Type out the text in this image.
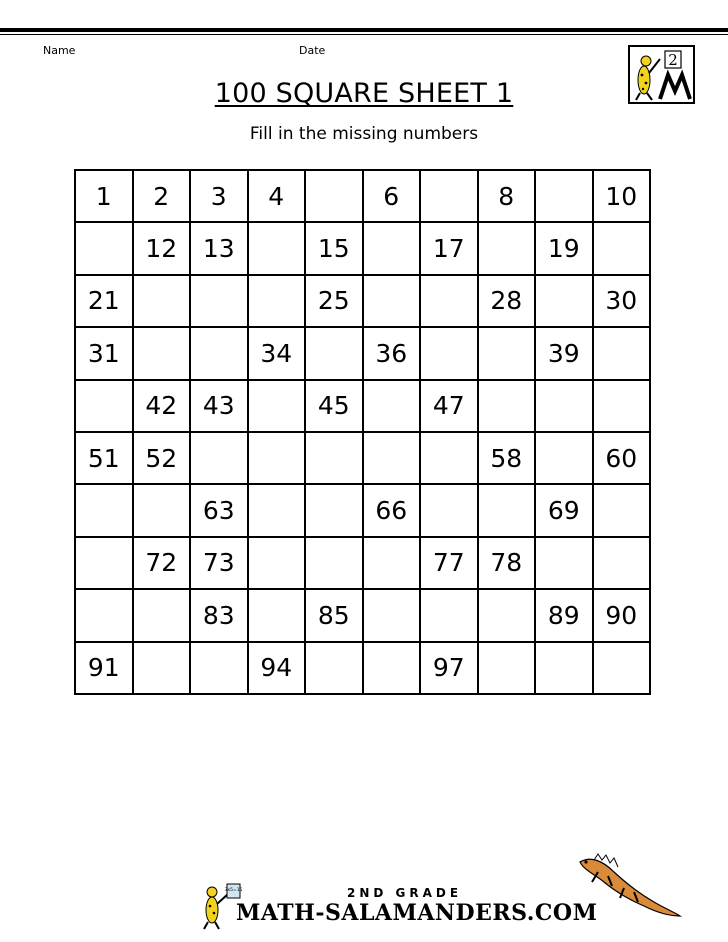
Name	Date
2
100 SQUARE SHEET 1
Fill in the missing numbers
1	2	3	4		6		8		10
	12	13		15		17		19	
21				25			28		30
31			34		36			39	
	42	43		45		47			
51	52						58		60
		63			66			69	
	72	73				77	78		
		83		85				89	90
91			94			97			
3x5=15	2ND GRADE
MATH-SALAMANDERS.COM
